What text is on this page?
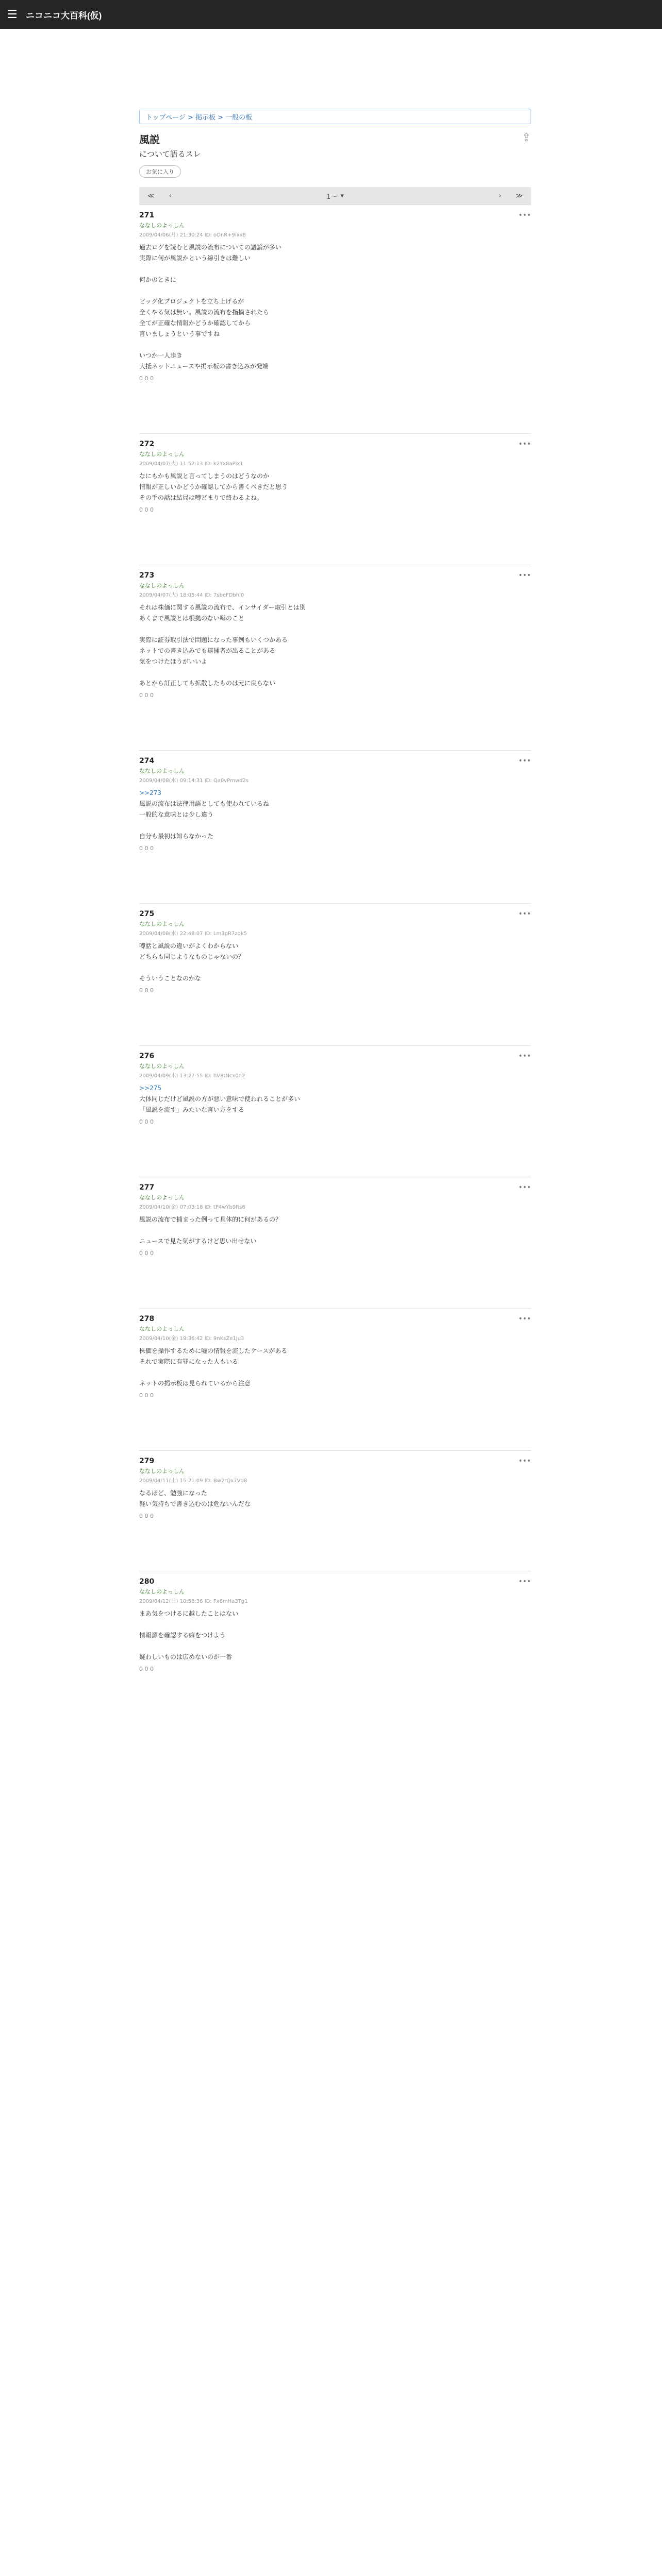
☰ ニコニコ大百科(仮)
トップページ > 掲示板 > 一般の板
風説
について語るスレ
お気に入り
⇪
≪ ‹	1〜 ▾	› ≫
271	•••
ななしのよっしん
2009/04/06(月) 21:30:24 ID: oOnR+9ixx8

過去ログを読むと風説の流布についての議論が多い

実際に何が風説かという線引きは難しい

何かのときに

ピッグ化プロジェクトを立ち上げるが

全くやる気は無い。風説の流布を指摘されたら

全てが正確な情報かどうか確認してから

言いましょうという事ですね

いつか一人歩き

大抵ネットニュースや掲示板の書き込みが発端

0 0 0
272	•••
ななしのよっしん
2009/04/07(火) 11:52:13 ID: k2Yx8aPlx1

なにもかも風説と言ってしまうのはどうなのか

情報が正しいかどうか確認してから書くべきだと思う

その手の話は結局は噂どまりで終わるよね。

0 0 0
273	•••
ななしのよっしん
2009/04/07(火) 18:05:44 ID: 7sbeFDbhl0

それは株価に関する風説の流布で、インサイダー取引とは別

あくまで風説とは根拠のない噂のこと

実際に証券取引法で問題になった事例もいくつかある

ネットでの書き込みでも逮捕者が出ることがある

気をつけたほうがいいよ

あとから訂正しても拡散したものは元に戻らない

0 0 0
274	•••
ななしのよっしん
2009/04/08(水) 09:14:31 ID: Qa0vPmwd2s

>>273

風説の流布は法律用語としても使われているね

一般的な意味とは少し違う

自分も最初は知らなかった

0 0 0
275	•••
ななしのよっしん
2009/04/08(水) 22:48:07 ID: Lm3pR7zqk5

噂話と風説の違いがよくわからない

どちらも同じようなものじゃないの？

そういうことなのかな

0 0 0
276	•••
ななしのよっしん
2009/04/09(木) 13:27:55 ID: hV8tNcx0q2

>>275

大体同じだけど風説の方が悪い意味で使われることが多い

「風説を流す」みたいな言い方をする

0 0 0
277	•••
ななしのよっしん
2009/04/10(金) 07:03:18 ID: tP4wYb9Rs6

風説の流布で捕まった例って具体的に何があるの？

ニュースで見た気がするけど思い出せない

0 0 0
278	•••
ななしのよっしん
2009/04/10(金) 19:36:42 ID: 9nKsZe1Ju3

株価を操作するために嘘の情報を流したケースがある

それで実際に有罪になった人もいる

ネットの掲示板は見られているから注意

0 0 0
279	•••
ななしのよっしん
2009/04/11(土) 15:21:09 ID: Bw2rQx7Vd8

なるほど、勉強になった

軽い気持ちで書き込むのは危ないんだな

0 0 0
280	•••
ななしのよっしん
2009/04/12(日) 10:58:36 ID: Fx6mHa3Tg1

まあ気をつけるに越したことはない

情報源を確認する癖をつけよう

疑わしいものは広めないのが一番

0 0 0
